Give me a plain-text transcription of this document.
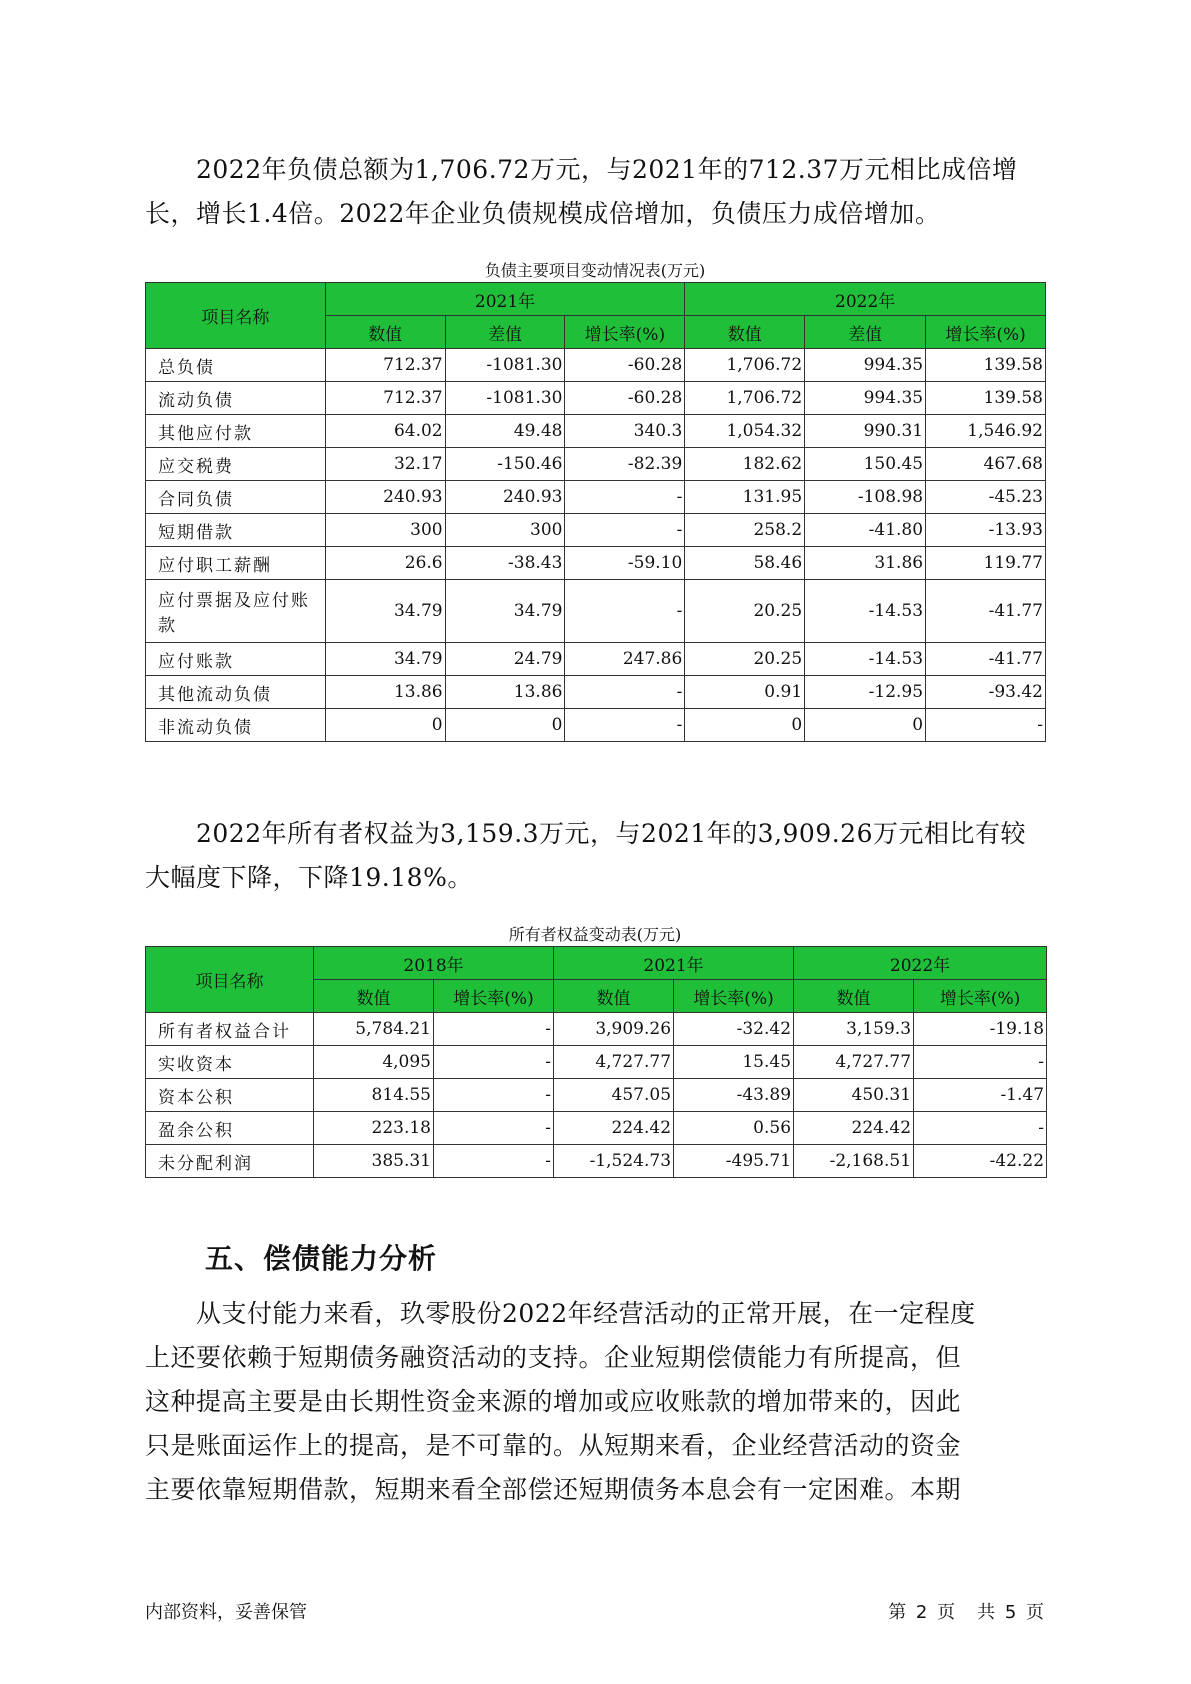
　　2022年负债总额为1,706.72万元，与2021年的712.37万元相比成倍增
长，增长1.4倍。2022年企业负债规模成倍增加，负债压力成倍增加。

负债主要项目变动情况表(万元)
项目名称	2021年			2022年		
	数值	差值	增长率(%)	数值	差值	增长率(%)
总负债	712.37	-1081.30	-60.28	1,706.72	994.35	139.58
流动负债	712.37	-1081.30	-60.28	1,706.72	994.35	139.58
其他应付款	64.02	49.48	340.3	1,054.32	990.31	1,546.92
应交税费	32.17	-150.46	-82.39	182.62	150.45	467.68
合同负债	240.93	240.93	-	131.95	-108.98	-45.23
短期借款	300	300	-	258.2	-41.80	-13.93
应付职工薪酬	26.6	-38.43	-59.10	58.46	31.86	119.77
应付票据及应付账款	34.79	34.79	-	20.25	-14.53	-41.77
应付账款	34.79	24.79	247.86	20.25	-14.53	-41.77
其他流动负债	13.86	13.86	-	0.91	-12.95	-93.42
非流动负债	0	0	-	0	0	-

　　2022年所有者权益为3,159.3万元，与2021年的3,909.26万元相比有较
大幅度下降，下降19.18%。

所有者权益变动表(万元)
项目名称	2018年		2021年		2022年	
	数值	增长率(%)	数值	增长率(%)	数值	增长率(%)
所有者权益合计	5,784.21	-	3,909.26	-32.42	3,159.3	-19.18
实收资本	4,095	-	4,727.77	15.45	4,727.77	-
资本公积	814.55	-	457.05	-43.89	450.31	-1.47
盈余公积	223.18	-	224.42	0.56	224.42	-
未分配利润	385.31	-	-1,524.73	-495.71	-2,168.51	-42.22
五、偿债能力分析

　　从支付能力来看，玖零股份2022年经营活动的正常开展，在一定程度
上还要依赖于短期债务融资活动的支持。企业短期偿债能力有所提高，但
这种提高主要是由长期性资金来源的增加或应收账款的增加带来的，因此
只是账面运作上的提高，是不可靠的。从短期来看，企业经营活动的资金
主要依靠短期借款，短期来看全部偿还短期债务本息会有一定困难。本期

内部资料，妥善保管	第 2 页　共 5 页
